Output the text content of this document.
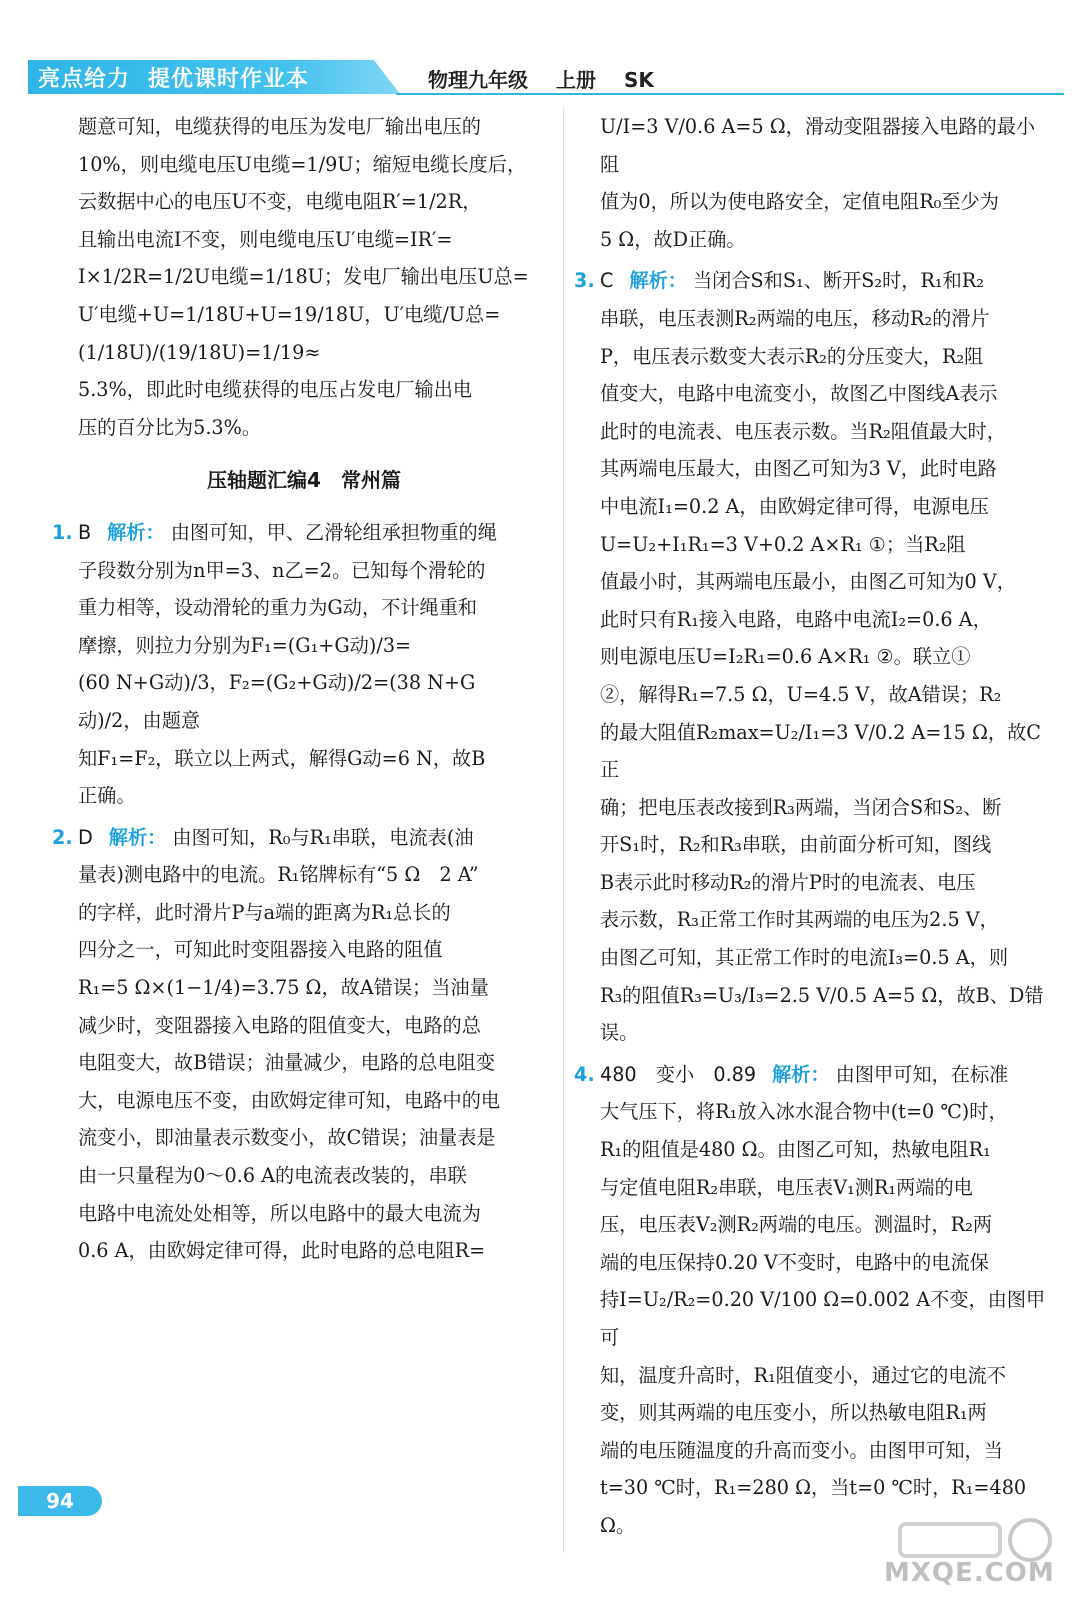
亮点给力 提优课时作业本	物理九年级 上册 SK

题意可知，电缆获得的电压为发电厂输出电压的

10%，则电缆电压U电缆=1/9U；缩短电缆长度后，

云数据中心的电压U不变，电缆电阻R′=1/2R，

且输出电流I不变，则电缆电压U′电缆=IR′=

I×1/2R=1/2U电缆=1/18U；发电厂输出电压U总=

U′电缆+U=1/18U+U=19/18U，U′电缆/U总=(1/18U)/(19/18U)=1/19≈

5.3%，即此时电缆获得的电压占发电厂输出电

压的百分比为5.3%。

压轴题汇编4　常州篇
1. B 解析： 由图可知，甲、乙滑轮组承担物重的绳

子段数分别为n甲=3、n乙=2。已知每个滑轮的

重力相等，设动滑轮的重力为G动，不计绳重和

摩擦，则拉力分别为F₁=(G₁+G动)/3=

(60 N+G动)/3，F₂=(G₂+G动)/2=(38 N+G动)/2，由题意

知F₁=F₂，联立以上两式，解得G动=6 N，故B

正确。

2. D 解析： 由图可知，R₀与R₁串联，电流表(油

量表)测电路中的电流。R₁铭牌标有“5 Ω　2 A”

的字样，此时滑片P与a端的距离为R₁总长的

四分之一，可知此时变阻器接入电路的阻值

R₁=5 Ω×(1−1/4)=3.75 Ω，故A错误；当油量

减少时，变阻器接入电路的阻值变大，电路的总

电阻变大，故B错误；油量减少，电路的总电阻变

大，电源电压不变，由欧姆定律可知，电路中的电

流变小，即油量表示数变小，故C错误；油量表是

由一只量程为0～0.6 A的电流表改装的，串联

电路中电流处处相等，所以电路中的最大电流为

0.6 A，由欧姆定律可得，此时电路的总电阻R=

U/I=3 V/0.6 A=5 Ω，滑动变阻器接入电路的最小阻

值为0，所以为使电路安全，定值电阻R₀至少为

5 Ω，故D正确。

3. C 解析： 当闭合S和S₁、断开S₂时，R₁和R₂

串联，电压表测R₂两端的电压，移动R₂的滑片

P，电压表示数变大表示R₂的分压变大，R₂阻

值变大，电路中电流变小，故图乙中图线A表示

此时的电流表、电压表示数。当R₂阻值最大时，

其两端电压最大，由图乙可知为3 V，此时电路

中电流I₁=0.2 A，由欧姆定律可得，电源电压

U=U₂+I₁R₁=3 V+0.2 A×R₁ ①；当R₂阻

值最小时，其两端电压最小，由图乙可知为0 V，

此时只有R₁接入电路，电路中电流I₂=0.6 A，

则电源电压U=I₂R₁=0.6 A×R₁ ②。联立①

②，解得R₁=7.5 Ω，U=4.5 V，故A错误；R₂

的最大阻值R₂max=U₂/I₁=3 V/0.2 A=15 Ω，故C正

确；把电压表改接到R₃两端，当闭合S和S₂、断

开S₁时，R₂和R₃串联，由前面分析可知，图线

B表示此时移动R₂的滑片P时的电流表、电压

表示数，R₃正常工作时其两端的电压为2.5 V，

由图乙可知，其正常工作时的电流I₃=0.5 A，则

R₃的阻值R₃=U₃/I₃=2.5 V/0.5 A=5 Ω，故B、D错误。

4. 480　变小　0.89 解析： 由图甲可知，在标准

大气压下，将R₁放入冰水混合物中(t=0 ℃)时，

R₁的阻值是480 Ω。由图乙可知，热敏电阻R₁

与定值电阻R₂串联，电压表V₁测R₁两端的电

压，电压表V₂测R₂两端的电压。测温时，R₂两

端的电压保持0.20 V不变时，电路中的电流保

持I=U₂/R₂=0.20 V/100 Ω=0.002 A不变，由图甲可

知，温度升高时，R₁阻值变小，通过它的电流不

变，则其两端的电压变小，所以热敏电阻R₁两

端的电压随温度的升高而变小。由图甲可知，当

t=30 ℃时，R₁=280 Ω，当t=0 ℃时，R₁=480 Ω。

94
MXQE.COM
